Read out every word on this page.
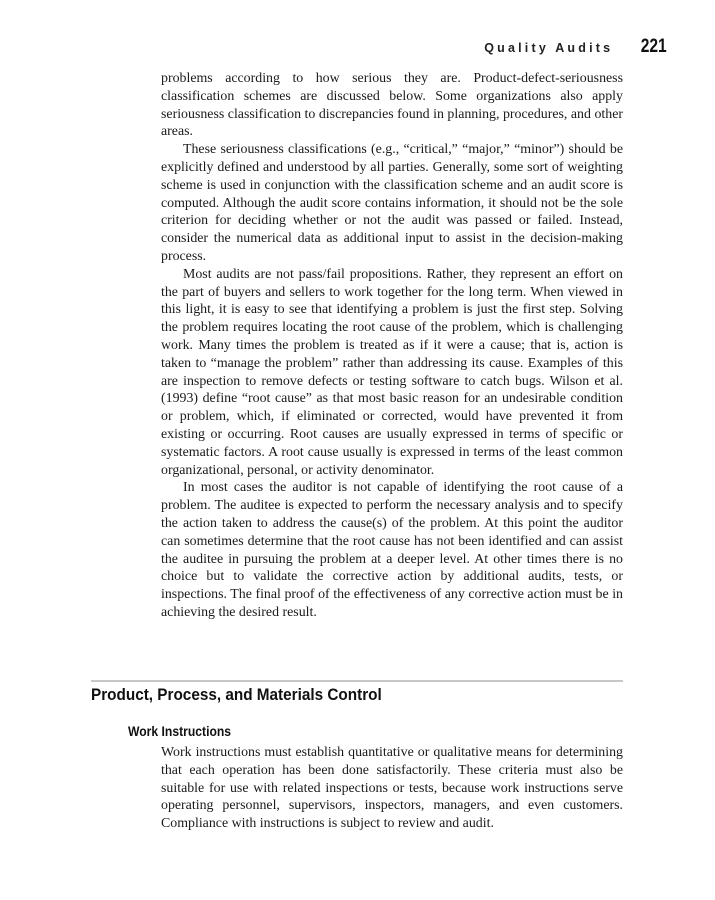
Quality Audits 221

problems according to how serious they are. Product-defect-seriousness classification schemes are discussed below. Some organizations also apply seriousness classification to discrepancies found in planning, procedures, and other areas.

These seriousness classifications (e.g., “critical,” “major,” “minor”) should be explicitly defined and understood by all parties. Generally, some sort of weighting scheme is used in conjunction with the classification scheme and an audit score is computed. Although the audit score contains information, it should not be the sole criterion for deciding whether or not the audit was passed or failed. Instead, consider the numerical data as additional input to assist in the decision-making process.

Most audits are not pass/fail propositions. Rather, they represent an effort on the part of buyers and sellers to work together for the long term. When viewed in this light, it is easy to see that identifying a problem is just the first step. Solving the problem requires locating the root cause of the problem, which is challenging work. Many times the problem is treated as if it were a cause; that is, action is taken to “manage the problem” rather than addressing its cause. Examples of this are inspection to remove defects or testing software to catch bugs. Wilson et al. (1993) define “root cause” as that most basic reason for an undesirable condition or problem, which, if eliminated or corrected, would have prevented it from existing or occurring. Root causes are usually expressed in terms of specific or systematic factors. A root cause usually is expressed in terms of the least common organizational, personal, or activity denominator.

In most cases the auditor is not capable of identifying the root cause of a problem. The auditee is expected to perform the necessary analysis and to specify the action taken to address the cause(s) of the problem. At this point the auditor can sometimes determine that the root cause has not been identified and can assist the auditee in pursuing the problem at a deeper level. At other times there is no choice but to validate the corrective action by additional audits, tests, or inspections. The final proof of the effectiveness of any corrective action must be in achieving the desired result.

Product, Process, and Materials Control
Work Instructions

Work instructions must establish quantitative or qualitative means for determining that each operation has been done satisfactorily. These criteria must also be suitable for use with related inspections or tests, because work instructions serve operating personnel, supervisors, inspectors, managers, and even customers. Compliance with instructions is subject to review and audit.
